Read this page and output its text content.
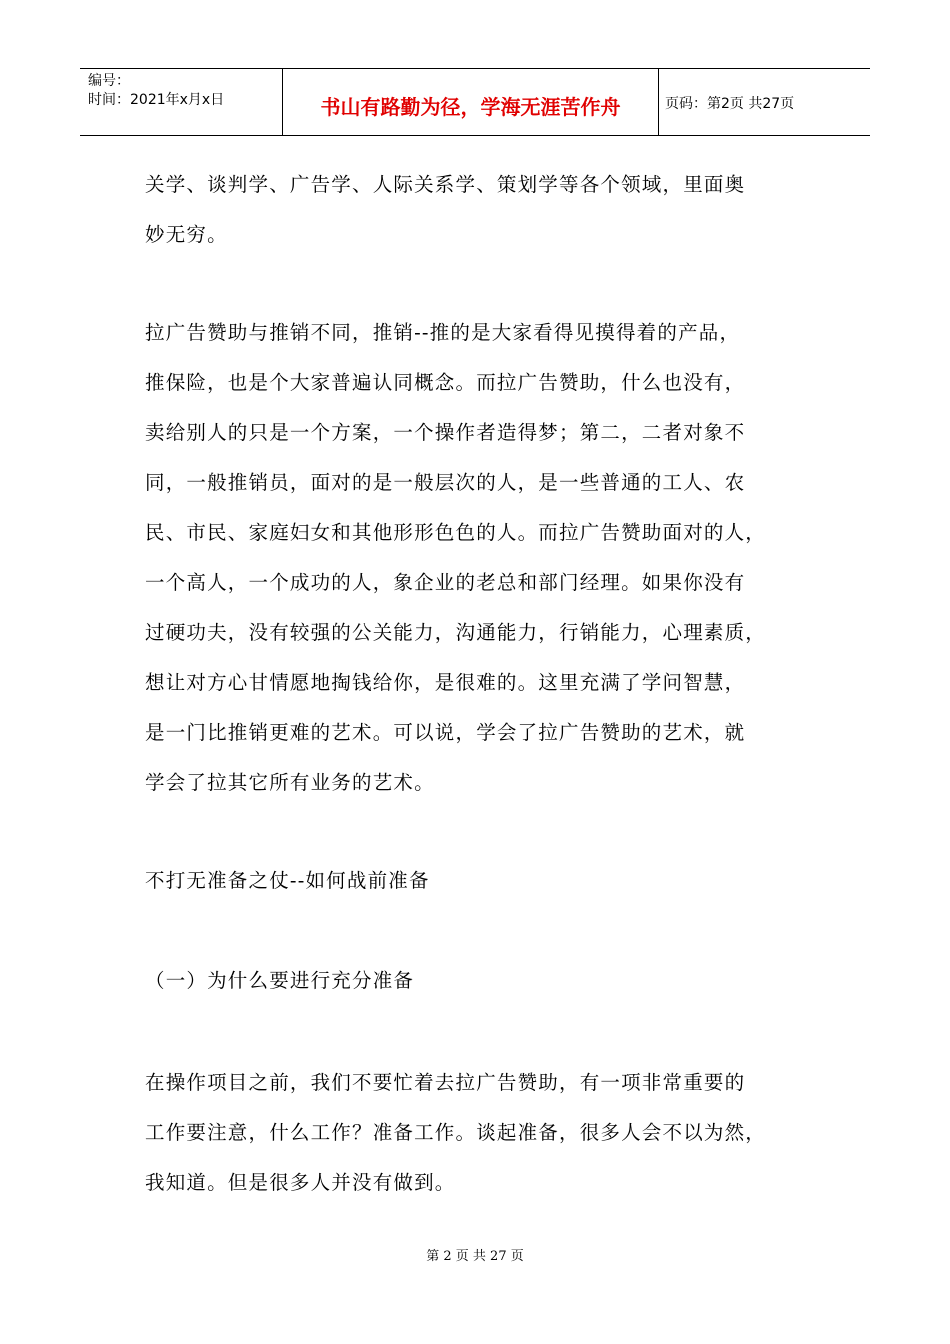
编号：
时间：2021年x月x日	书山有路勤为径，学海无涯苦作舟	页码：第2页 共27页

关学、谈判学、广告学、人际关系学、策划学等各个领域，里面奥

妙无穷。

拉广告赞助与推销不同，推销--推的是大家看得见摸得着的产品，

推保险，也是个大家普遍认同概念。而拉广告赞助，什么也没有，

卖给别人的只是一个方案，一个操作者造得梦；第二，二者对象不

同，一般推销员，面对的是一般层次的人，是一些普通的工人、农

民、市民、家庭妇女和其他形形色色的人。而拉广告赞助面对的人，

一个高人，一个成功的人，象企业的老总和部门经理。如果你没有

过硬功夫，没有较强的公关能力，沟通能力，行销能力，心理素质，

想让对方心甘情愿地掏钱给你，是很难的。这里充满了学问智慧，

是一门比推销更难的艺术。可以说，学会了拉广告赞助的艺术，就

学会了拉其它所有业务的艺术。

不打无准备之仗--如何战前准备

（一）为什么要进行充分准备

在操作项目之前，我们不要忙着去拉广告赞助，有一项非常重要的

工作要注意，什么工作？准备工作。谈起准备，很多人会不以为然，

我知道。但是很多人并没有做到。

第 2 页 共 27 页
